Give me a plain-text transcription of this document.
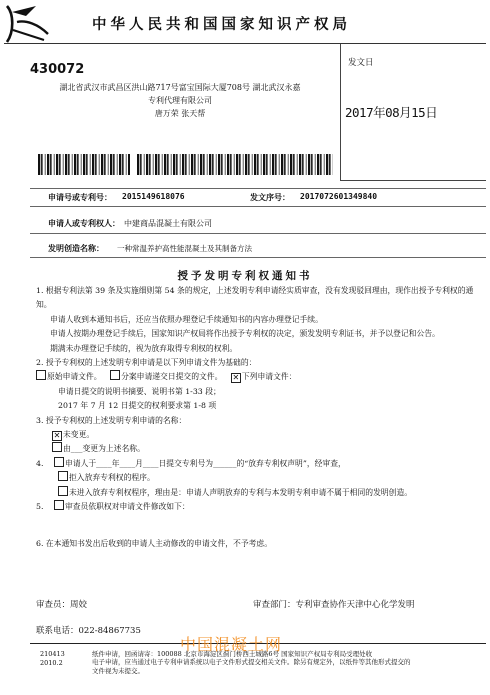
中华人民共和国国家知识产权局
430072
湖北省武汉市武昌区洪山路717号富宝国际大厦708号 湖北武汉永嘉
专利代理有限公司
唐万荣 张天帮
发文日
2017年08月15日
申请号或专利号： 2015149618076	发文序号： 2017072601349840
申请人或专利权人： 中建商品混凝土有限公司
发明创造名称： 一种常温养护高性能混凝土及其制备方法
授予发明专利权通知书
1. 根据专利法第 39 条及实施细则第 54 条的规定，上述发明专利申请经实质审查，没有发现驳回理由，现作出授予专利权的通知。
申请人收到本通知书后，还应当依照办理登记手续通知书的内容办理登记手续。
申请人按期办理登记手续后，国家知识产权局将作出授予专利权的决定，颁发发明专利证书，并予以登记和公告。
期满未办理登记手续的，视为放弃取得专利权的权利。
2. 授予专利权的上述发明专利申请是以下列申请文件为基础的：
原始申请文件。 分案申请递交日提交的文件。 ✕ 下列申请文件：
申请日提交的说明书摘要、说明书第 1-33 段；
2017 年 7 月 12 日提交的权利要求第 1-8 项
3. 授予专利权的上述发明专利申请的名称：
✕ 未变更。
由___变更为上述名称。
4.	申请人于____年____月____日提交专利号为______的“放弃专利权声明”，经审查，
拒入放弃专利权的程序。
未进入放弃专利权程序，理由是：申请人声明放弃的专利与本发明专利申请不属于相同的发明创造。
5.	审查员依职权对申请文件修改如下：
6. 在本通知书发出后收到的申请人主动修改的申请文件，不予考虑。
审查员：周姣	审查部门：专利审查协作天津中心化学发明
联系电话：022-84867735
中国混凝土网
210413
2010.2
纸件申请，回函请寄：100088 北京市海淀区蓟门桥西土城路6号 国家知识产权局专利局受理处收
电子申请，应当通过电子专利申请系统以电子文件形式提交相关文件。除另有规定外，以纸件等其他形式提交的
文件视为未提交。
